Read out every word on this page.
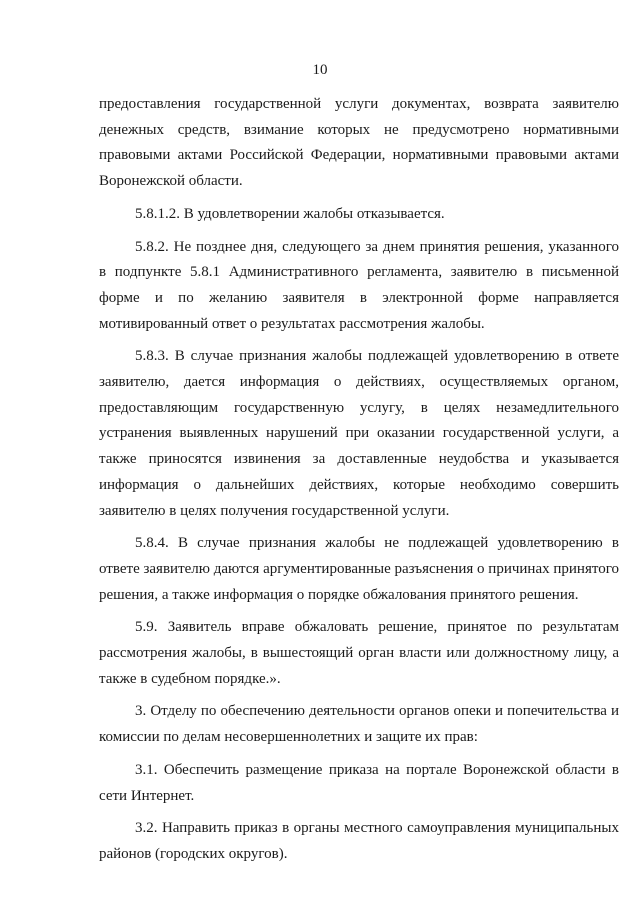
10

предоставления государственной услуги документах, возврата заявителю денежных средств, взимание которых не предусмотрено нормативными правовыми актами Российской Федерации, нормативными правовыми актами Воронежской области.

5.8.1.2. В удовлетворении жалобы отказывается.

5.8.2. Не позднее дня, следующего за днем принятия решения, указанного в подпункте 5.8.1 Административного регламента, заявителю в письменной форме и по желанию заявителя в электронной форме направляется мотивированный ответ о результатах рассмотрения жалобы.

5.8.3. В случае признания жалобы подлежащей удовлетворению в ответе заявителю, дается информация о действиях, осуществляемых органом, предоставляющим государственную услугу, в целях незамедлительного устранения выявленных нарушений при оказании государственной услуги, а также приносятся извинения за доставленные неудобства и указывается информация о дальнейших действиях, которые необходимо совершить заявителю в целях получения государственной услуги.

5.8.4. В случае признания жалобы не подлежащей удовлетворению в ответе заявителю даются аргументированные разъяснения о причинах принятого решения, а также информация о порядке обжалования принятого решения.

5.9. Заявитель вправе обжаловать решение, принятое по результатам рассмотрения жалобы, в вышестоящий орган власти или должностному лицу, а также в судебном порядке.».

3. Отделу по обеспечению деятельности органов опеки и попечительства и комиссии по делам несовершеннолетних и защите их прав:

3.1. Обеспечить размещение приказа на портале Воронежской области в сети Интернет.

3.2. Направить приказ в органы местного самоуправления муниципальных районов (городских округов).
